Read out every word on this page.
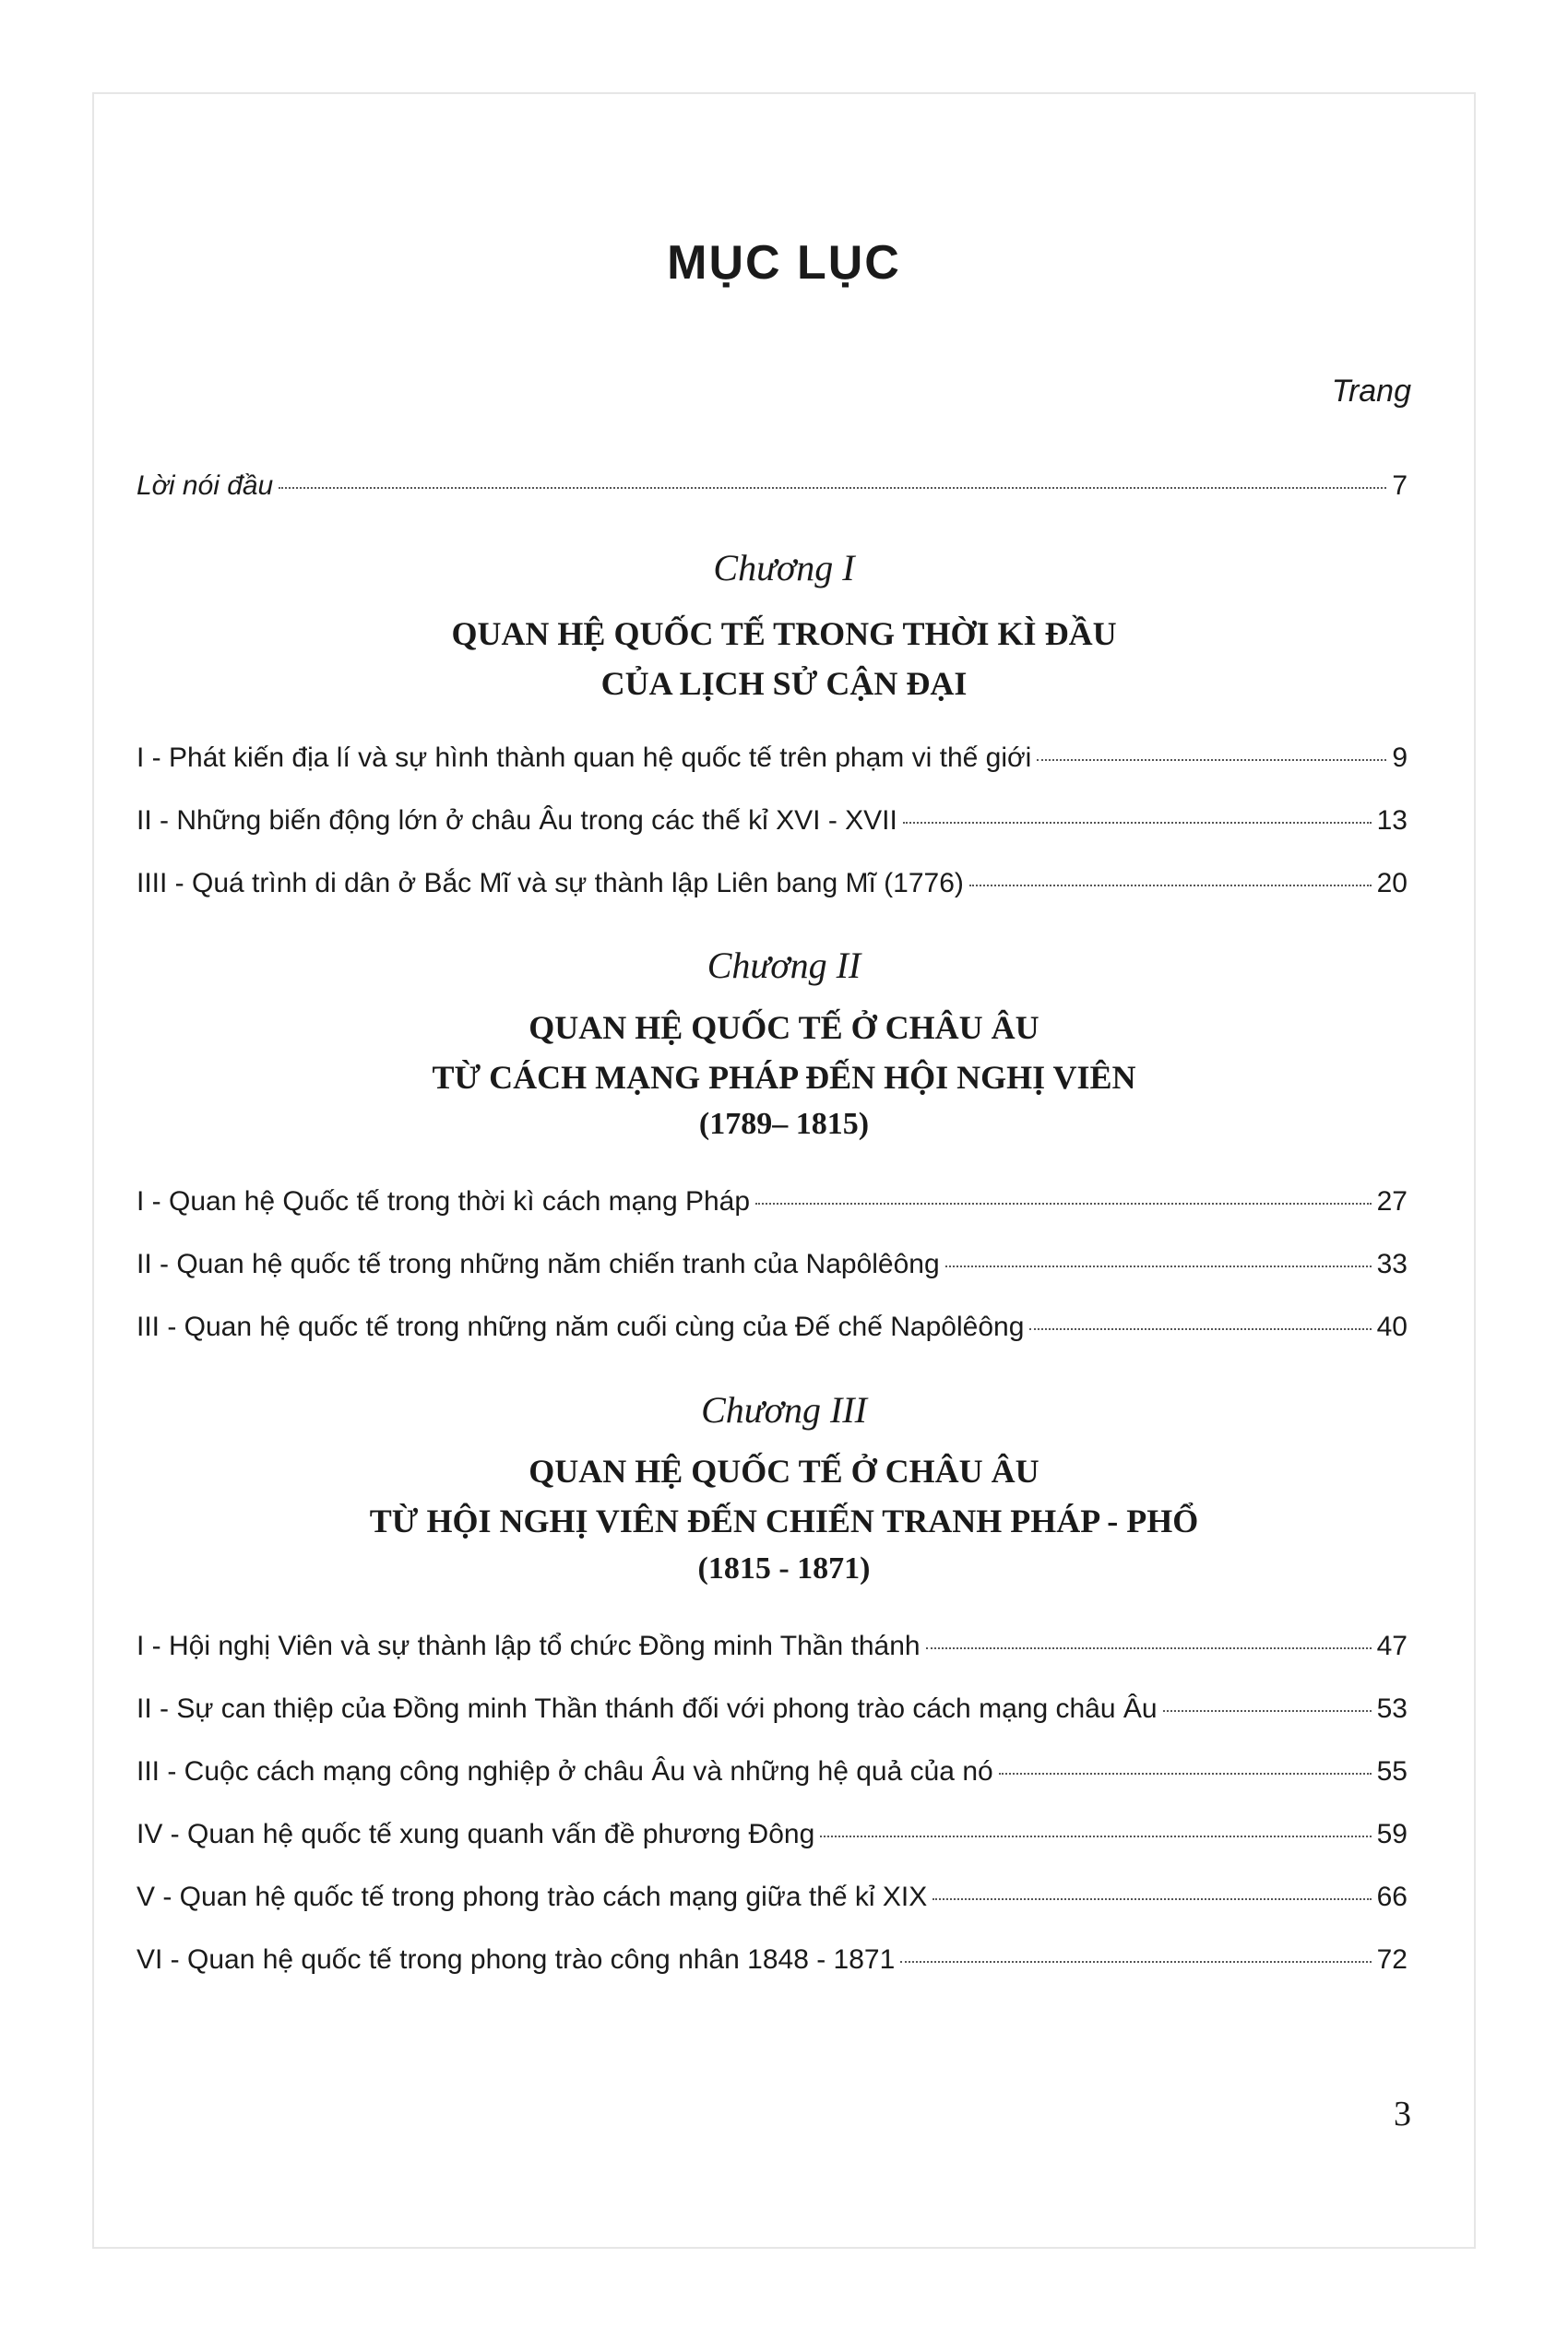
MỤC LỤC
Trang
Lời nói đầu	7
Chương I
QUAN HỆ QUỐC TẾ TRONG THỜI KÌ ĐẦU
CỦA LỊCH SỬ CẬN ĐẠI
I - Phát kiến địa lí và sự hình thành quan hệ quốc tế trên phạm vi thế giới	9
II - Những biến động lớn ở châu Âu trong các thế kỉ XVI - XVII	13
IIII - Quá trình di dân ở Bắc Mĩ và sự thành lập Liên bang Mĩ (1776)	20
Chương II
QUAN HỆ QUỐC TẾ Ở CHÂU ÂU
TỪ CÁCH MẠNG PHÁP ĐẾN HỘI NGHỊ VIÊN
(1789– 1815)
I - Quan hệ Quốc tế trong thời kì cách mạng Pháp	27
II - Quan hệ quốc tế trong những năm chiến tranh của Napôlêông	33
III - Quan hệ quốc tế trong những năm cuối cùng của Đế chế Napôlêông	40
Chương III
QUAN HỆ QUỐC TẾ Ở CHÂU ÂU
TỪ HỘI NGHỊ VIÊN ĐẾN CHIẾN TRANH PHÁP - PHỔ
(1815 - 1871)
I - Hội nghị Viên và sự thành lập tổ chức Đồng minh Thần thánh	47
II - Sự can thiệp của Đồng minh Thần thánh đối với phong trào cách mạng châu Âu	53
III - Cuộc cách mạng công nghiệp ở châu Âu và những hệ quả của nó	55
IV - Quan hệ quốc tế xung quanh vấn đề phương Đông	59
V - Quan hệ quốc tế trong phong trào cách mạng giữa thế kỉ XIX	66
VI - Quan hệ quốc tế trong phong trào công nhân 1848 - 1871	72
3
